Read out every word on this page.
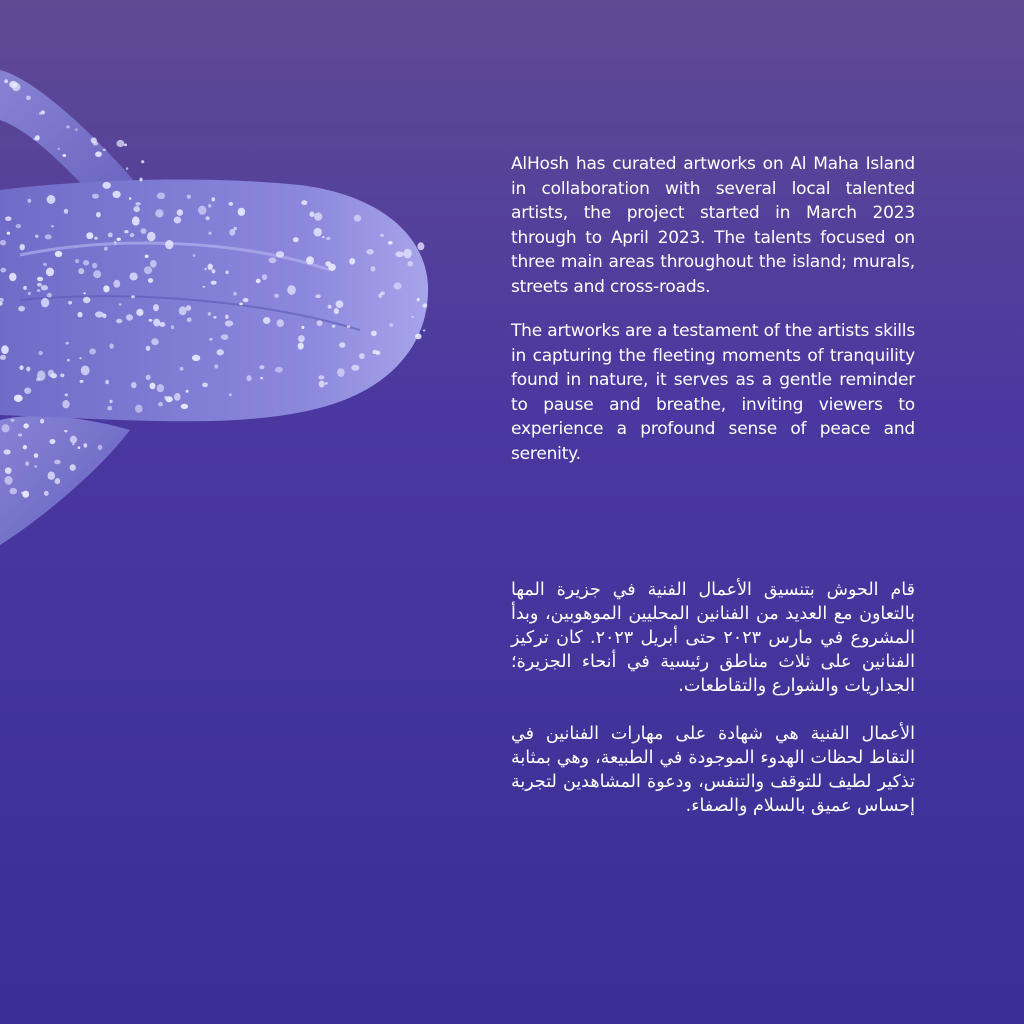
AlHosh has curated artworks on Al Maha Island in collaboration with several local talented artists, the project started in March 2023 through to April 2023. The talents focused on three main areas throughout the island; murals, streets and cross-roads.

The artworks are a testament of the artists skills in capturing the fleeting moments of tranquility found in nature, it serves as a gentle reminder to pause and breathe, inviting viewers to experience a profound sense of peace and serenity.

قام الحوش بتنسيق الأعمال الفنية في جزيرة المها بالتعاون مع العديد من الفنانين المحليين الموهوبين، وبدأ المشروع في مارس ٢٠٢٣ حتى أبريل ٢٠٢٣. كان تركيز الفنانين على ثلاث مناطق رئيسية في أنحاء الجزيرة؛ الجداريات والشوارع والتقاطعات.

الأعمال الفنية هي شهادة على مهارات الفنانين في التقاط لحظات الهدوء الموجودة في الطبيعة، وهي بمثابة تذكير لطيف للتوقف والتنفس، ودعوة المشاهدين لتجربة إحساس عميق بالسلام والصفاء.
